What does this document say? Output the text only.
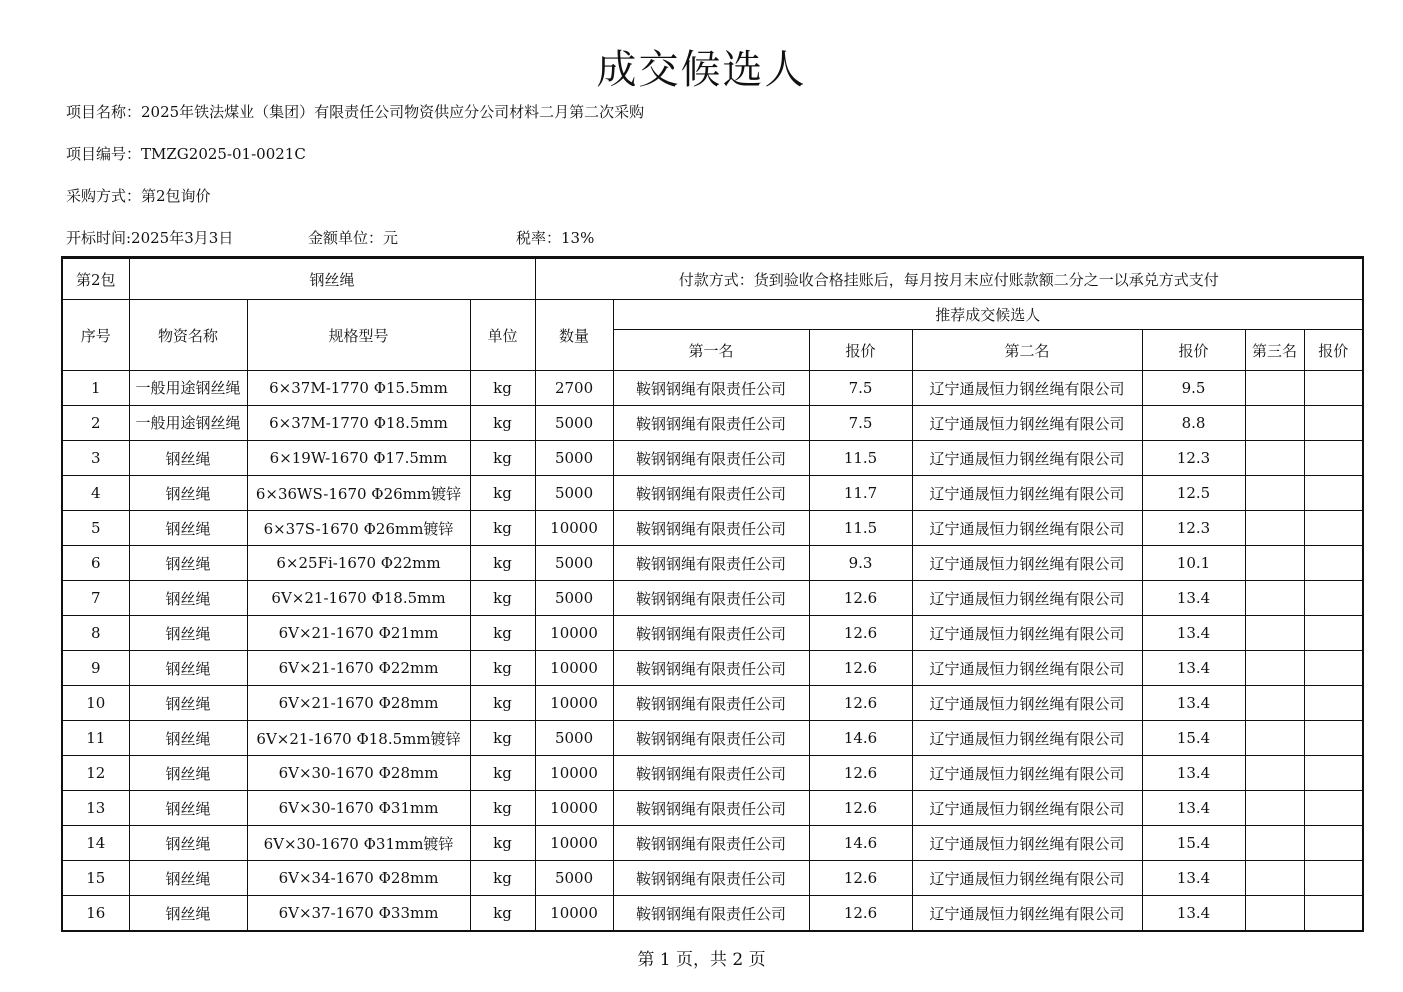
成交候选人
项目名称：2025年铁法煤业（集团）有限责任公司物资供应分公司材料二月第二次采购
项目编号：TMZG2025-01-0021C
采购方式：第2包询价
开标时间:2025年3月3日	金额单位：元	税率：13%
第2包	钢丝绳			付款方式：货到验收合格挂账后，每月按月末应付账款额二分之一以承兑方式支付						
序号	物资名称	规格型号	单位	数量	推荐成交候选人					
					第一名	报价	第二名	报价	第三名	报价
1	一般用途钢丝绳	6×37M-1770 Φ15.5mm	kg	2700	鞍钢钢绳有限责任公司	7.5	辽宁通晟恒力钢丝绳有限公司	9.5		
2	一般用途钢丝绳	6×37M-1770 Φ18.5mm	kg	5000	鞍钢钢绳有限责任公司	7.5	辽宁通晟恒力钢丝绳有限公司	8.8		
3	钢丝绳	6×19W-1670 Φ17.5mm	kg	5000	鞍钢钢绳有限责任公司	11.5	辽宁通晟恒力钢丝绳有限公司	12.3		
4	钢丝绳	6×36WS-1670 Φ26mm镀锌	kg	5000	鞍钢钢绳有限责任公司	11.7	辽宁通晟恒力钢丝绳有限公司	12.5		
5	钢丝绳	6×37S-1670 Φ26mm镀锌	kg	10000	鞍钢钢绳有限责任公司	11.5	辽宁通晟恒力钢丝绳有限公司	12.3		
6	钢丝绳	6×25Fi-1670 Φ22mm	kg	5000	鞍钢钢绳有限责任公司	9.3	辽宁通晟恒力钢丝绳有限公司	10.1		
7	钢丝绳	6V×21-1670 Φ18.5mm	kg	5000	鞍钢钢绳有限责任公司	12.6	辽宁通晟恒力钢丝绳有限公司	13.4		
8	钢丝绳	6V×21-1670 Φ21mm	kg	10000	鞍钢钢绳有限责任公司	12.6	辽宁通晟恒力钢丝绳有限公司	13.4		
9	钢丝绳	6V×21-1670 Φ22mm	kg	10000	鞍钢钢绳有限责任公司	12.6	辽宁通晟恒力钢丝绳有限公司	13.4		
10	钢丝绳	6V×21-1670 Φ28mm	kg	10000	鞍钢钢绳有限责任公司	12.6	辽宁通晟恒力钢丝绳有限公司	13.4		
11	钢丝绳	6V×21-1670 Φ18.5mm镀锌	kg	5000	鞍钢钢绳有限责任公司	14.6	辽宁通晟恒力钢丝绳有限公司	15.4		
12	钢丝绳	6V×30-1670 Φ28mm	kg	10000	鞍钢钢绳有限责任公司	12.6	辽宁通晟恒力钢丝绳有限公司	13.4		
13	钢丝绳	6V×30-1670 Φ31mm	kg	10000	鞍钢钢绳有限责任公司	12.6	辽宁通晟恒力钢丝绳有限公司	13.4		
14	钢丝绳	6V×30-1670 Φ31mm镀锌	kg	10000	鞍钢钢绳有限责任公司	14.6	辽宁通晟恒力钢丝绳有限公司	15.4		
15	钢丝绳	6V×34-1670 Φ28mm	kg	5000	鞍钢钢绳有限责任公司	12.6	辽宁通晟恒力钢丝绳有限公司	13.4		
16	钢丝绳	6V×37-1670 Φ33mm	kg	10000	鞍钢钢绳有限责任公司	12.6	辽宁通晟恒力钢丝绳有限公司	13.4		
第 1 页，共 2 页
